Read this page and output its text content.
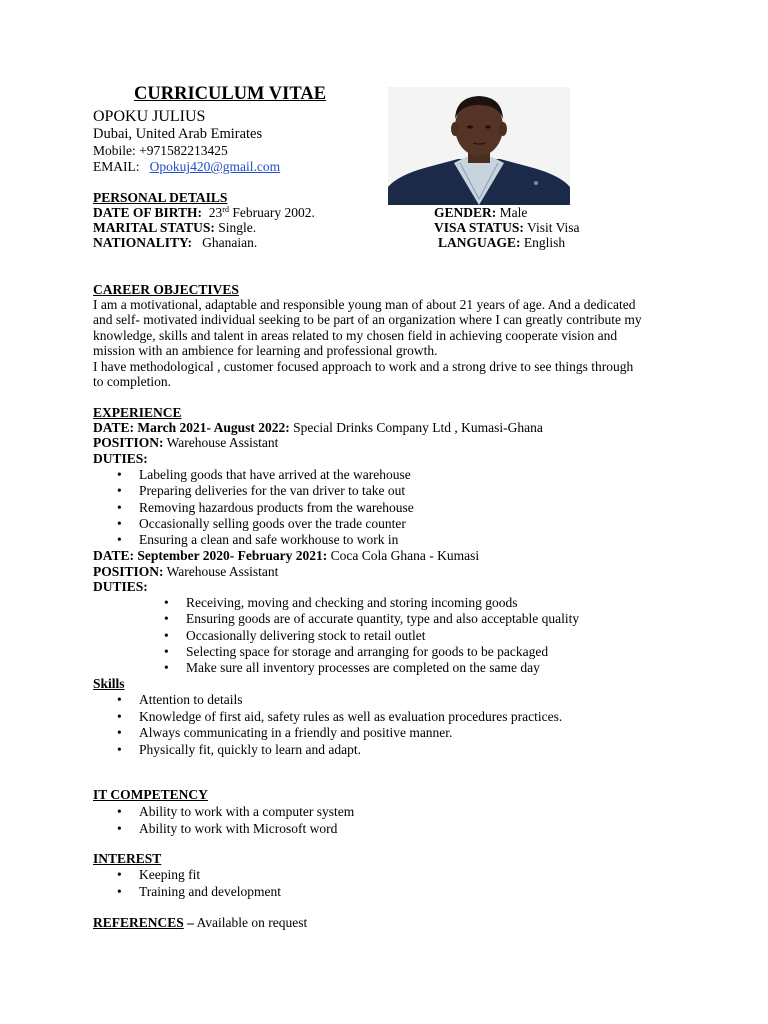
CURRICULUM VITAE
OPOKU JULIUS
Dubai, United Arab Emirates
Mobile: +971582213425
EMAIL: Opokuj420@gmail.com
PERSONAL DETAILS
DATE OF BIRTH: 23rd February 2002.
MARITAL STATUS: Single.
NATIONALITY: Ghanaian.
GENDER: Male
VISA STATUS: Visit Visa
LANGUAGE: English
CAREER OBJECTIVES
I am a motivational, adaptable and responsible young man of about 21 years of age. And a dedicated
and self- motivated individual seeking to be part of an organization where I can greatly contribute my
knowledge, skills and talent in areas related to my chosen field in achieving cooperate vision and
mission with an ambience for learning and professional growth.
I have methodological , customer focused approach to work and a strong drive to see things through
to completion.
EXPERIENCE
DATE: March 2021- August 2022: Special Drinks Company Ltd , Kumasi-Ghana
POSITION: Warehouse Assistant
DUTIES:
• Labeling goods that have arrived at the warehouse
• Preparing deliveries for the van driver to take out
• Removing hazardous products from the warehouse
• Occasionally selling goods over the trade counter
• Ensuring a clean and safe workhouse to work in
DATE: September 2020- February 2021: Coca Cola Ghana - Kumasi
POSITION: Warehouse Assistant
DUTIES:
• Receiving, moving and checking and storing incoming goods
• Ensuring goods are of accurate quantity, type and also acceptable quality
• Occasionally delivering stock to retail outlet
• Selecting space for storage and arranging for goods to be packaged
• Make sure all inventory processes are completed on the same day
Skills
• Attention to details
• Knowledge of first aid, safety rules as well as evaluation procedures practices.
• Always communicating in a friendly and positive manner.
• Physically fit, quickly to learn and adapt.
IT COMPETENCY
• Ability to work with a computer system
• Ability to work with Microsoft word
INTEREST
• Keeping fit
• Training and development
REFERENCES – Available on request
